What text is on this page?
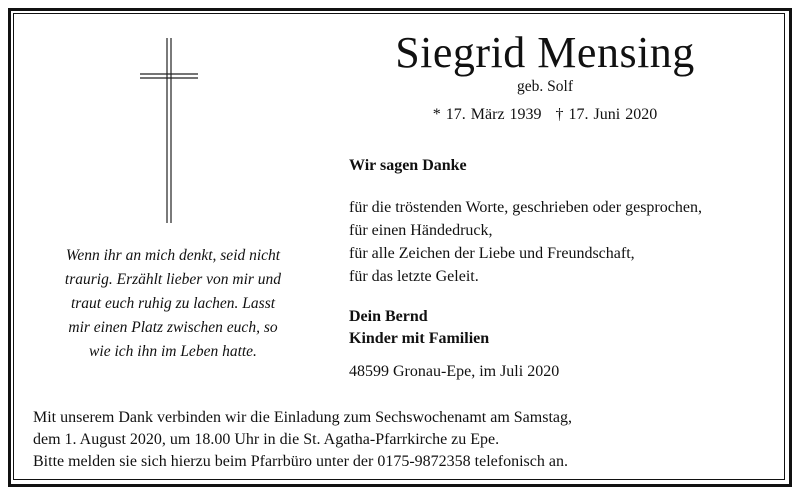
Wenn ihr an mich denkt, seid nicht
traurig. Erzählt lieber von mir und
traut euch ruhig zu lachen. Lasst
mir einen Platz zwischen euch, so
wie ich ihn im Leben hatte.
Siegrid Mensing
geb. Solf
* 17. März 1939 † 17. Juni 2020
Wir sagen Danke
für die tröstenden Worte, geschrieben oder gesprochen,
für einen Händedruck,
für alle Zeichen der Liebe und Freundschaft,
für das letzte Geleit.
Dein Bernd
Kinder mit Familien
48599 Gronau-Epe, im Juli 2020
Mit unserem Dank verbinden wir die Einladung zum Sechswochenamt am Samstag,
dem 1. August 2020, um 18.00 Uhr in die St. Agatha-Pfarrkirche zu Epe.
Bitte melden sie sich hierzu beim Pfarrbüro unter der 0175-9872358 telefonisch an.
